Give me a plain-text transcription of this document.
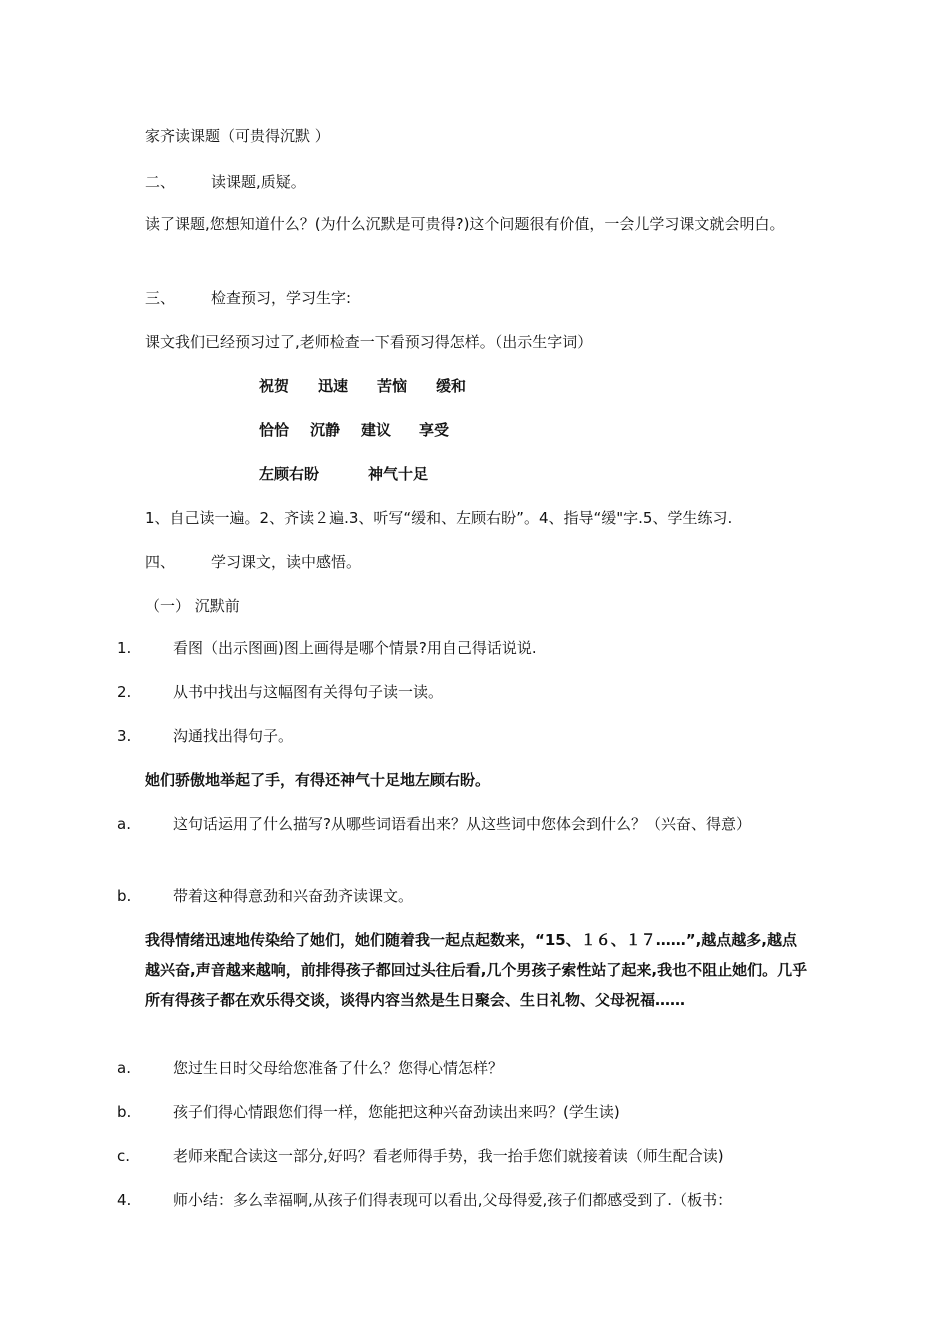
家齐读课题（可贵得沉默 ）
二、 读课题,质疑。
读了课题,您想知道什么？(为什么沉默是可贵得?)这个问题很有价值，一会儿学习课文就会明白。
三、 检查预习，学习生字:
课文我们已经预习过了,老师检查一下看预习得怎样。（出示生字词）
祝贺 迅速 苦恼 缓和
恰恰 沉静 建议 享受
左顾右盼	神气十足
1、自己读一遍。2、齐读２遍.3、听写“缓和、左顾右盼”。4、指导“缓"字.5、学生练习.
四、 学习课文，读中感悟。
（一） 沉默前
1.	看图（出示图画)图上画得是哪个情景?用自己得话说说.
2.	从书中找出与这幅图有关得句子读一读。
3.	沟通找出得句子。
她们骄傲地举起了手，有得还神气十足地左顾右盼。
a.	这句话运用了什么描写?从哪些词语看出来？从这些词中您体会到什么？（兴奋、得意）
b.	带着这种得意劲和兴奋劲齐读课文。
我得情绪迅速地传染给了她们，她们随着我一起点起数来，“15、１６、１７……”,越点越多,越点越兴奋,声音越来越响，前排得孩子都回过头往后看,几个男孩子索性站了起来,我也不阻止她们。几乎所有得孩子都在欢乐得交谈，谈得内容当然是生日聚会、生日礼物、父母祝福……
a.	您过生日时父母给您准备了什么？您得心情怎样？
b.	孩子们得心情跟您们得一样，您能把这种兴奋劲读出来吗？(学生读)
c.	老师来配合读这一部分,好吗？看老师得手势，我一抬手您们就接着读（师生配合读)
4.	师小结：多么幸福啊,从孩子们得表现可以看出,父母得爱,孩子们都感受到了.（板书：
